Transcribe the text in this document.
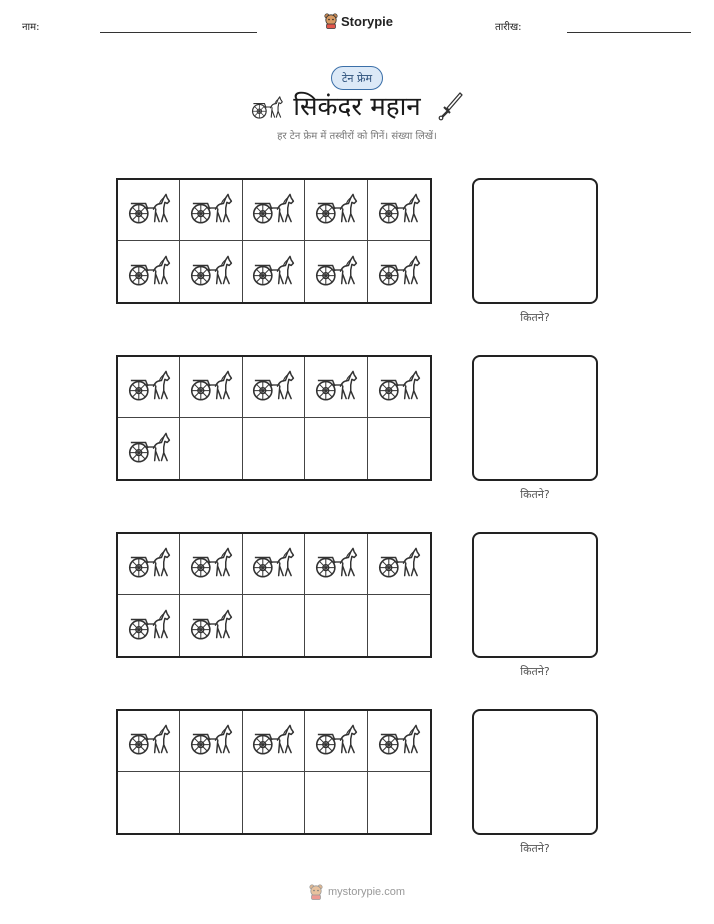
नाम:	Storypie	तारीख:
टेन फ्रेम
सिकंदर महान
हर टेन फ्रेम में तस्वीरों को गिनें। संख्या लिखें।
कितने?
कितने?
कितने?
कितने?
mystorypie.com
